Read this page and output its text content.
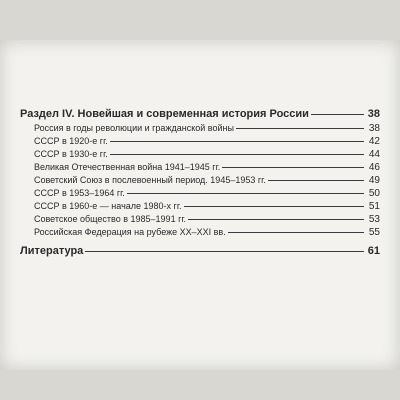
Раздел IV. Новейшая и современная история России	38
Россия в годы революции и гражданской войны	38
СССР в 1920-е гг.	42
СССР в 1930-е гг.	44
Великая Отечественная война 1941–1945 гг.	46
Советский Союз в послевоенный период. 1945–1953 гг.	49
СССР в 1953–1964 гг.	50
СССР в 1960-е — начале 1980-х гг.	51
Советское общество в 1985–1991 гг.	53
Российская Федерация на рубеже XX–XXI вв.	55
Литература	61
